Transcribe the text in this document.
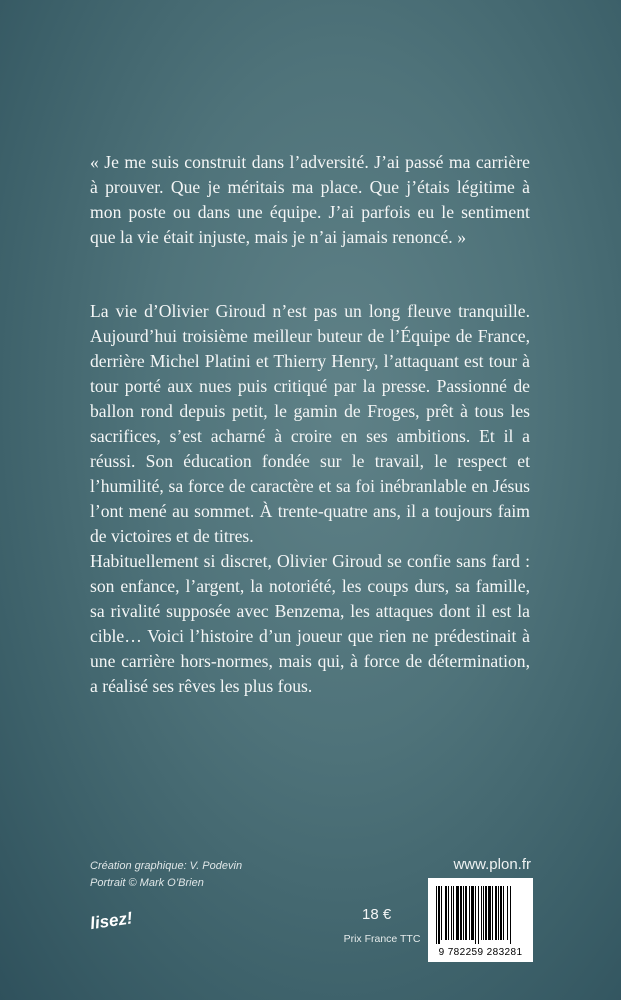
« Je me suis construit dans l’adversité. J’ai passé ma carrière à prouver. Que je méritais ma place. Que j’étais légitime à mon poste ou dans une équipe. J’ai parfois eu le sentiment que la vie était injuste, mais je n’ai jamais renoncé. »

La vie d’Olivier Giroud n’est pas un long fleuve tranquille. Aujourd’hui troisième meilleur buteur de l’Équipe de France, derrière Michel Platini et Thierry Henry, l’attaquant est tour à tour porté aux nues puis critiqué par la presse. Passionné de ballon rond depuis petit, le gamin de Froges, prêt à tous les sacrifices, s’est acharné à croire en ses ambitions. Et il a réussi. Son éducation fondée sur le travail, le respect et l’humilité, sa force de caractère et sa foi inébranlable en Jésus l’ont mené au sommet. À trente-quatre ans, il a toujours faim de victoires et de titres.

Habituellement si discret, Olivier Giroud se confie sans fard : son enfance, l’argent, la notoriété, les coups durs, sa famille, sa rivalité supposée avec Benzema, les attaques dont il est la cible… Voici l’histoire d’un joueur que rien ne prédestinait à une carrière hors-normes, mais qui, à force de détermination, a réalisé ses rêves les plus fous.

Création graphique: V. Podevin
Portrait © Mark O’Brien
lisez!
www.plon.fr
18 €
Prix France TTC
9 782259 283281
